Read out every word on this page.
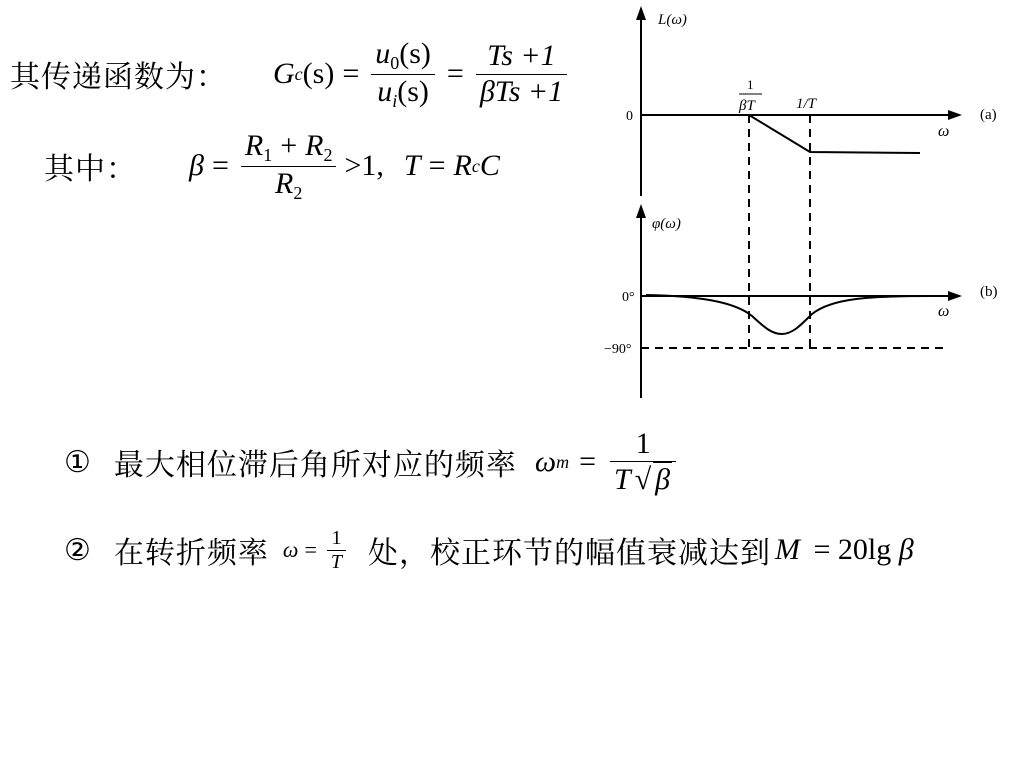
其传递函数为： G c $(s) = \frac{u_0(s)}{u_i(s)} = \frac{Ts +1}{\text{βTs +1}}$
其中： $\beta = \frac{R_1 + R_2}{R_2} >1$, T = R c C
L(ω)
0
1
βT	1/T
ω
(a)
φ(ω)
0°
−90°
ω
(b)
① 最大相位滞后角所对应的频率 ω $m = \frac{1}{T √ \beta}$
② 在转折频率 $\omega = \frac{1}{T}$ 处，校正环节的幅值衰减达到 M = 20lg β
